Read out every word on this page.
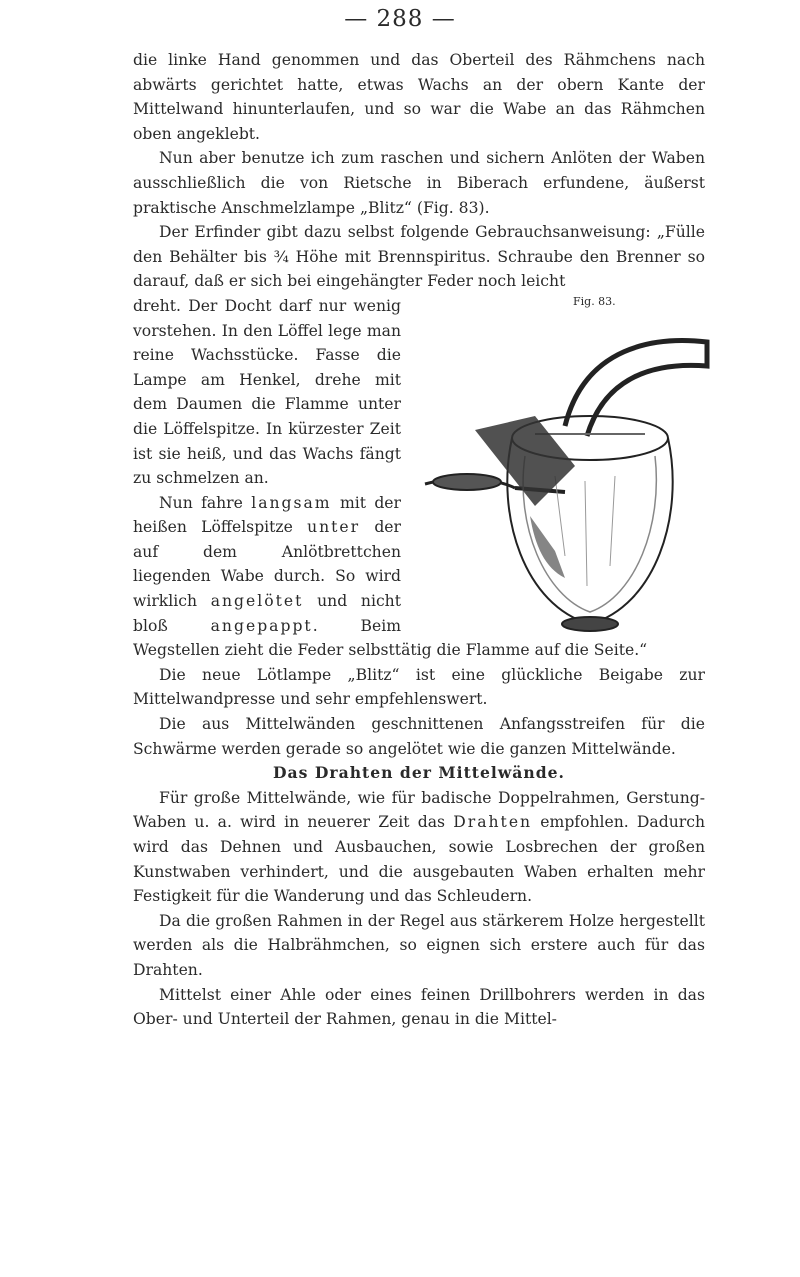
— 288 —

die linke Hand genommen und das Oberteil des Rähmchens nach abwärts gerichtet hatte, etwas Wachs an der obern Kante der Mittelwand hinunterlaufen, und so war die Wabe an das Rähmchen oben angeklebt.

Nun aber benutze ich zum raschen und sichern Anlöten der Waben ausschließlich die von Rietsche in Biberach erfundene, äußerst praktische Anschmelzlampe „Blitz“ (Fig. 83).

Der Erfinder gibt dazu selbst folgende Gebrauchsanweisung: „Fülle den Behälter bis ¾ Höhe mit Brennspiritus. Schraube den Brenner so darauf, daß er sich bei eingehängter Feder noch leicht

Fig. 83.

dreht. Der Docht darf nur wenig vorstehen. In den Löffel lege man reine Wachsstücke. Fasse die Lampe am Henkel, drehe mit dem Daumen die Flamme unter die Löffelspitze. In kürzester Zeit ist sie heiß, und das Wachs fängt zu schmelzen an.

Nun fahre langsam mit der heißen Löffelspitze unter der auf dem Anlötbrettchen liegenden Wabe durch. So wird wirklich angelötet und nicht bloß angepappt. Beim Wegstellen zieht die Feder selbsttätig die Flamme auf die Seite.“

Die neue Lötlampe „Blitz“ ist eine glückliche Beigabe zur Mittelwandpresse und sehr empfehlenswert.

Die aus Mittelwänden geschnittenen Anfangsstreifen für die Schwärme werden gerade so angelötet wie die ganzen Mittelwände.

Das Drahten der Mittelwände.

Für große Mittelwände, wie für badische Doppelrahmen, Gerstung-Waben u. a. wird in neuerer Zeit das Drahten empfohlen. Dadurch wird das Dehnen und Ausbauchen, sowie Losbrechen der großen Kunstwaben verhindert, und die ausgebauten Waben erhalten mehr Festigkeit für die Wanderung und das Schleudern.

Da die großen Rahmen in der Regel aus stärkerem Holze hergestellt werden als die Halbrähmchen, so eignen sich erstere auch für das Drahten.

Mittelst einer Ahle oder eines feinen Drillbohrers werden in das Ober- und Unterteil der Rahmen, genau in die Mittel-
